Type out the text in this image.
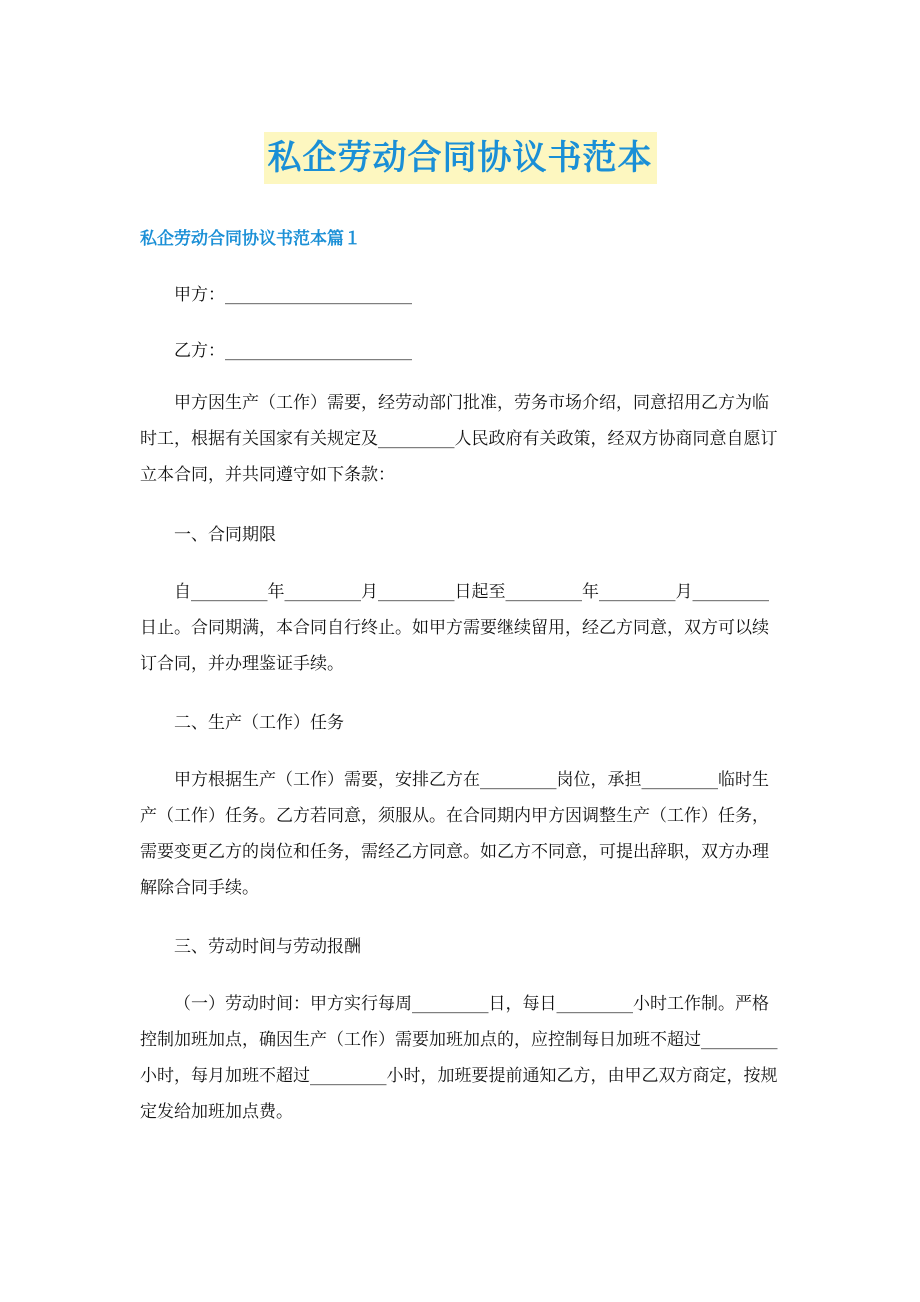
私企劳动合同协议书范本
私企劳动合同协议书范本篇１

甲方：______________________

乙方：______________________

甲方因生产（工作）需要，经劳动部门批准，劳务市场介绍，同意招用乙方为临时工，根据有关国家有关规定及_________人民政府有关政策，经双方协商同意自愿订立本合同，并共同遵守如下条款：

一、合同期限

自_________年_________月_________日起至_________年_________月_________日止。合同期满，本合同自行终止。如甲方需要继续留用，经乙方同意，双方可以续订合同，并办理鉴证手续。

二、生产（工作）任务

甲方根据生产（工作）需要，安排乙方在_________岗位，承担_________临时生产（工作）任务。乙方若同意，须服从。在合同期内甲方因调整生产（工作）任务，需要变更乙方的岗位和任务，需经乙方同意。如乙方不同意，可提出辞职，双方办理解除合同手续。

三、劳动时间与劳动报酬

（一）劳动时间：甲方实行每周_________日，每日_________小时工作制。严格控制加班加点，确因生产（工作）需要加班加点的，应控制每日加班不超过_________小时，每月加班不超过_________小时，加班要提前通知乙方，由甲乙双方商定，按规定发给加班加点费。
